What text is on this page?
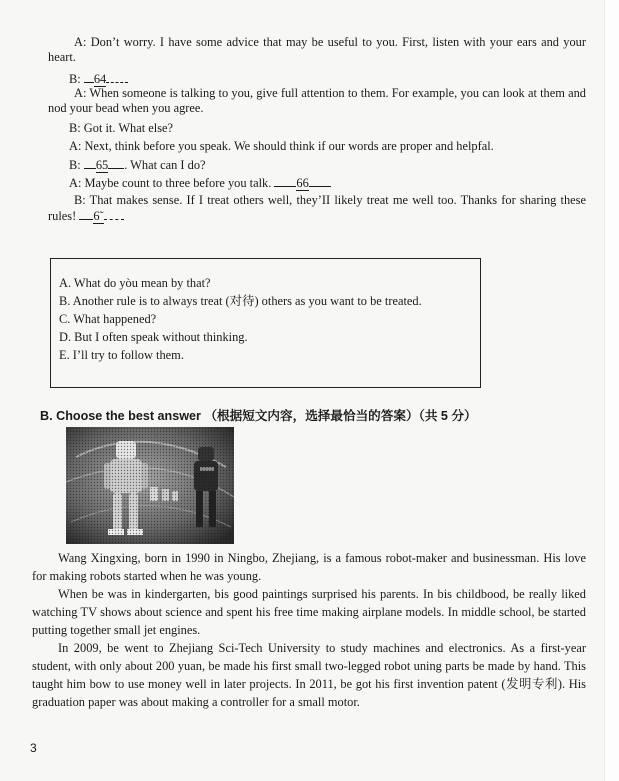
A: Don’t worry. I have some advice that may be useful to you. First, listen with your ears and your heart.
B: 64
A: When someone is talking to you, give full attention to them. For example, you can look at them and nod your bead when you agree.
B: Got it. What else?
A: Next, think before you speak. We should think if our words are proper and helpfal.
B: 65 . What can I do?
A: Maybe count to three before you talk. 66
B: That makes sense. If I treat others well, they’II likely treat me well too. Thanks for sharing these rules! 6˜
A. What do yòu mean by that?
B. Another rule is to always treat (对待) others as you want to be treated.
C. What happened?
D. But I often speak without thinking.
E. I’ll try to follow them.
B. Choose the best answer （根据短文内容，选择最恰当的答案）（共 5 分）
Wang Xingxing, born in 1990 in Ningbo, Zhejiang, is a famous robot-maker and businessman. His love for making robots started when he was young.
When be was in kindergarten, bis good paintings surprised his parents. In bis childbood, be really liked watching TV shows about science and spent his free time making airplane models. In middle school, be started putting together small jet engines.
In 2009, be went to Zhejiang Sci-Tech University to study machines and electronics. As a first-year student, with only about 200 yuan, be made his first small two-legged robot uning parts be made by hand. This taught him bow to use money well in later projects. In 2011, be got his first invention patent (发明专利). His graduation paper was about making a controller for a small motor.
3
